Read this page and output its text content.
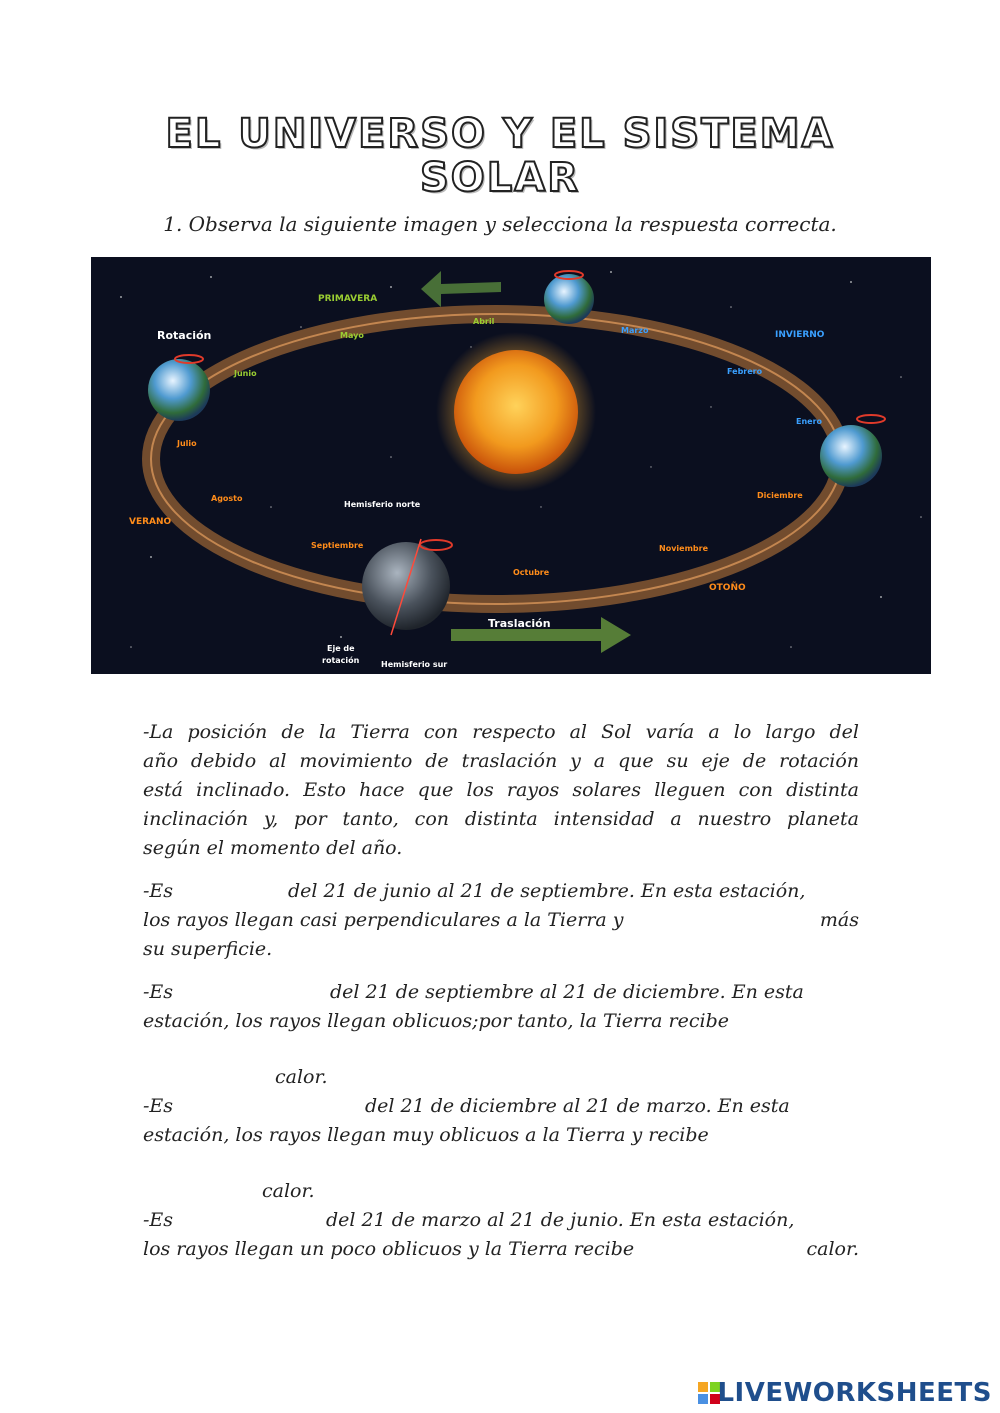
EL UNIVERSO Y EL SISTEMA
SOLAR
1. Observa la siguiente imagen y selecciona la respuesta correcta.
PRIMAVERA
INVIERNO
VERANO
OTOÑO
Rotación
Traslación
Hemisferio norte
Hemisferio sur
Eje de
rotación
Mayo
Abril
Marzo
Febrero
Enero
Diciembre
Noviembre
Octubre
Septiembre
Agosto
Julio
Junio
-La posición de la Tierra con respecto al Sol varía a lo largo del
año debido al movimiento de traslación y a que su eje de rotación
está inclinado. Esto hace que los rayos solares lleguen con distinta
inclinación y, por tanto, con distinta intensidad a nuestro planeta
según el momento del año.
-Es	del 21 de junio al 21 de septiembre. En esta estación,
los rayos llegan casi perpendiculares a la Tierra y	más
su superficie.
-Es	del 21 de septiembre al 21 de diciembre. En esta
estación, los rayos llegan oblicuos;por tanto, la Tierra recibe
calor.
-Es	del 21 de diciembre al 21 de marzo. En esta
estación, los rayos llegan muy oblicuos a la Tierra y recibe
calor.
-Es	del 21 de marzo al 21 de junio. En esta estación,
los rayos llegan un poco oblicuos y la Tierra recibe	calor.
LIVEWORKSHEETS
